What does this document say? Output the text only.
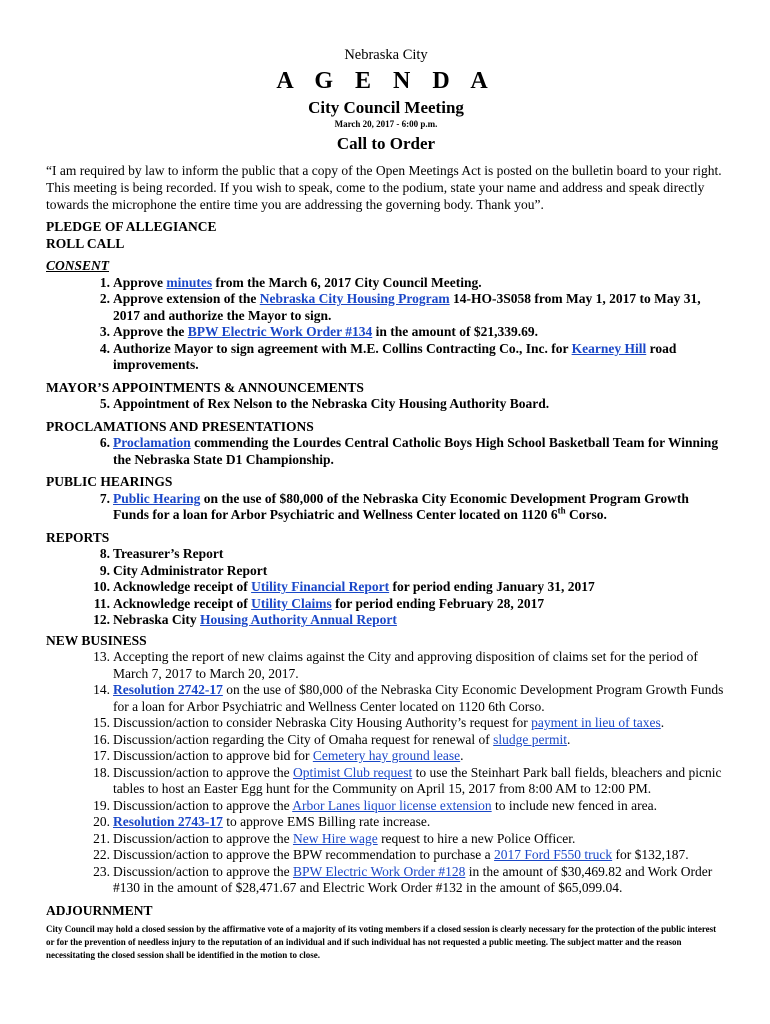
Nebraska City
A G E N D A
City Council Meeting
March 20, 2017 - 6:00 p.m.
Call to Order
“I am required by law to inform the public that a copy of the Open Meetings Act is posted on the bulletin board to your right. This meeting is being recorded. If you wish to speak, come to the podium, state your name and address and speak directly towards the microphone the entire time you are addressing the governing body. Thank you”.
PLEDGE OF ALLEGIANCE
ROLL CALL
CONSENT
1. Approve minutes from the March 6, 2017 City Council Meeting.
2. Approve extension of the Nebraska City Housing Program 14-HO-3S058 from May 1, 2017 to May 31, 2017 and authorize the Mayor to sign.
3. Approve the BPW Electric Work Order #134 in the amount of $21,339.69.
4. Authorize Mayor to sign agreement with M.E. Collins Contracting Co., Inc. for Kearney Hill road improvements.
MAYOR’S APPOINTMENTS & ANNOUNCEMENTS
5. Appointment of Rex Nelson to the Nebraska City Housing Authority Board.
PROCLAMATIONS AND PRESENTATIONS
6. Proclamation commending the Lourdes Central Catholic Boys High School Basketball Team for Winning the Nebraska State D1 Championship.
PUBLIC HEARINGS
7. Public Hearing on the use of $80,000 of the Nebraska City Economic Development Program Growth Funds for a loan for Arbor Psychiatric and Wellness Center located on 1120 6th Corso.
REPORTS
8. Treasurer’s Report
9. City Administrator Report
10. Acknowledge receipt of Utility Financial Report for period ending January 31, 2017
11. Acknowledge receipt of Utility Claims for period ending February 28, 2017
12. Nebraska City Housing Authority Annual Report
NEW BUSINESS
13. Accepting the report of new claims against the City and approving disposition of claims set for the period of March 7, 2017 to March 20, 2017.
14. Resolution 2742-17 on the use of $80,000 of the Nebraska City Economic Development Program Growth Funds for a loan for Arbor Psychiatric and Wellness Center located on 1120 6th Corso.
15. Discussion/action to consider Nebraska City Housing Authority’s request for payment in lieu of taxes.
16. Discussion/action regarding the City of Omaha request for renewal of sludge permit.
17. Discussion/action to approve bid for Cemetery hay ground lease.
18. Discussion/action to approve the Optimist Club request to use the Steinhart Park ball fields, bleachers and picnic tables to host an Easter Egg hunt for the Community on April 15, 2017 from 8:00 AM to 12:00 PM.
19. Discussion/action to approve the Arbor Lanes liquor license extension to include new fenced in area.
20. Resolution 2743-17 to approve EMS Billing rate increase.
21. Discussion/action to approve the New Hire wage request to hire a new Police Officer.
22. Discussion/action to approve the BPW recommendation to purchase a 2017 Ford F550 truck for $132,187.
23. Discussion/action to approve the BPW Electric Work Order #128 in the amount of $30,469.82 and Work Order #130 in the amount of $28,471.67 and Electric Work Order #132 in the amount of $65,099.04.
ADJOURNMENT
City Council may hold a closed session by the affirmative vote of a majority of its voting members if a closed session is clearly necessary for the protection of the public interest or for the prevention of needless injury to the reputation of an individual and if such individual has not requested a public meeting. The subject matter and the reason necessitating the closed session shall be identified in the motion to close.
